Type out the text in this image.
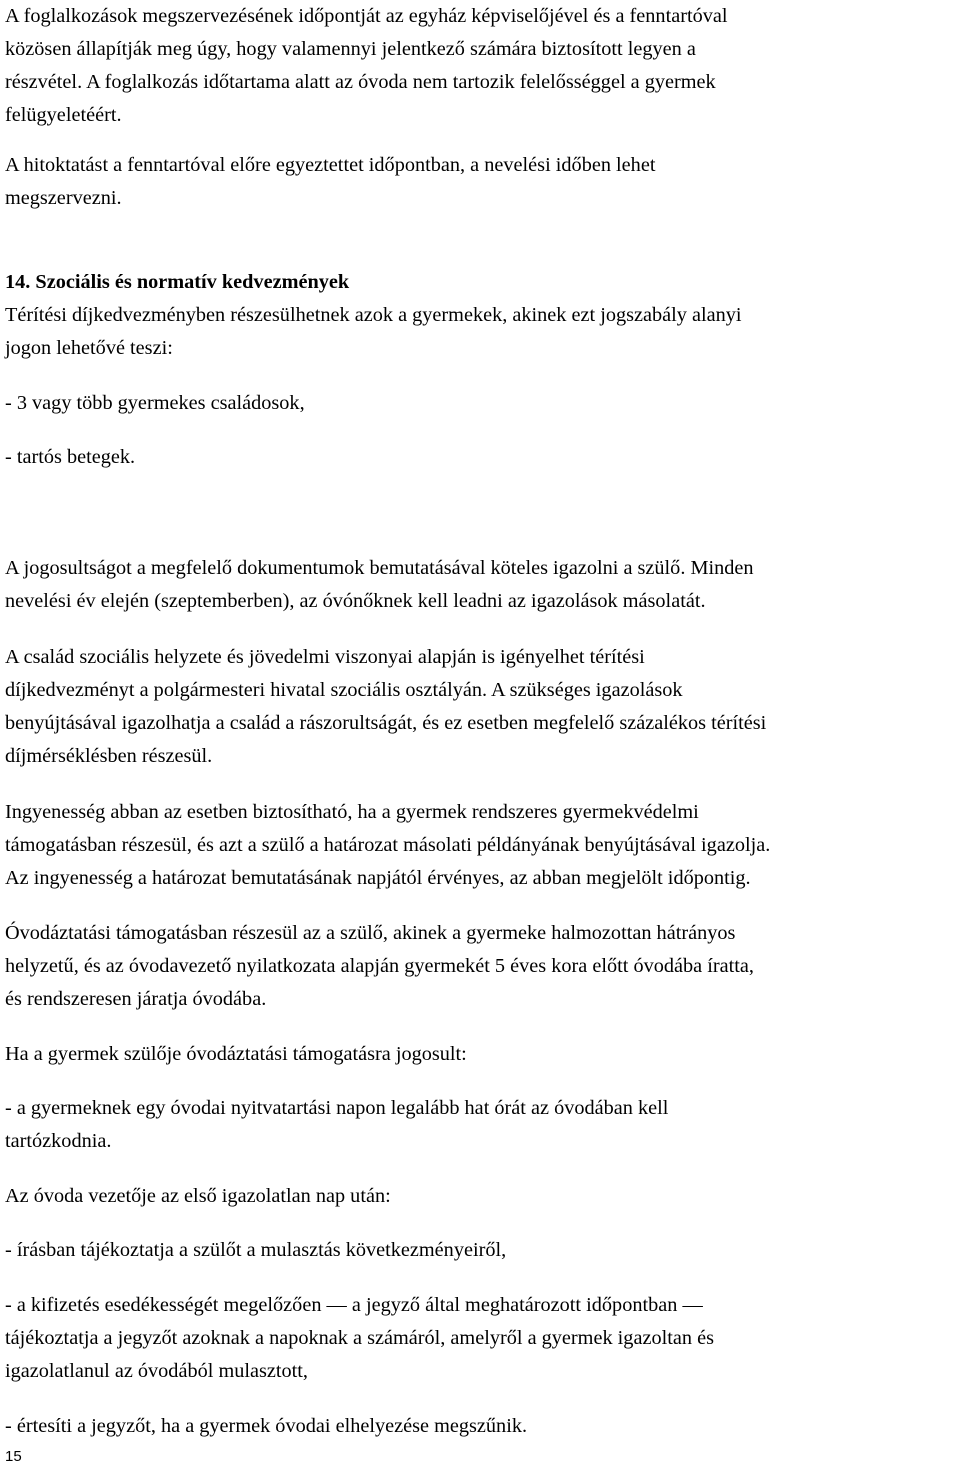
A foglalkozások megszervezésének időpontját az egyház képviselőjével és a fenntartóval
közösen állapítják meg úgy, hogy valamennyi jelentkező számára biztosított legyen a
részvétel. A foglalkozás időtartama alatt az óvoda nem tartozik felelősséggel a gyermek
felügyeletéért.

A hitoktatást a fenntartóval előre egyeztettet időpontban, a nevelési időben lehet
megszervezni.

14. Szociális és normatív kedvezmények
Térítési díjkedvezményben részesülhetnek azok a gyermekek, akinek ezt jogszabály alanyi
jogon lehetővé teszi:

- 3 vagy több gyermekes családosok,

- tartós betegek.

A jogosultságot a megfelelő dokumentumok bemutatásával köteles igazolni a szülő. Minden
nevelési év elején (szeptemberben), az óvónőknek kell leadni az igazolások másolatát.

A család szociális helyzete és jövedelmi viszonyai alapján is igényelhet térítési
díjkedvezményt a polgármesteri hivatal szociális osztályán. A szükséges igazolások
benyújtásával igazolhatja a család a rászorultságát, és ez esetben megfelelő százalékos térítési
díjmérséklésben részesül.

Ingyenesség abban az esetben biztosítható, ha a gyermek rendszeres gyermekvédelmi
támogatásban részesül, és azt a szülő a határozat másolati példányának benyújtásával igazolja.
Az ingyenesség a határozat bemutatásának napjától érvényes, az abban megjelölt időpontig.

Óvodáztatási támogatásban részesül az a szülő, akinek a gyermeke halmozottan hátrányos
helyzetű, és az óvodavezető nyilatkozata alapján gyermekét 5 éves kora előtt óvodába íratta,
és rendszeresen járatja óvodába.

Ha a gyermek szülője óvodáztatási támogatásra jogosult:

- a gyermeknek egy óvodai nyitvatartási napon legalább hat órát az óvodában kell
tartózkodnia.

Az óvoda vezetője az első igazolatlan nap után:

- írásban tájékoztatja a szülőt a mulasztás következményeiről,

- a kifizetés esedékességét megelőzően — a jegyző által meghatározott időpontban —
tájékoztatja a jegyzőt azoknak a napoknak a számáról, amelyről a gyermek igazoltan és
igazolatlanul az óvodából mulasztott,

- értesíti a jegyzőt, ha a gyermek óvodai elhelyezése megszűnik.

15
